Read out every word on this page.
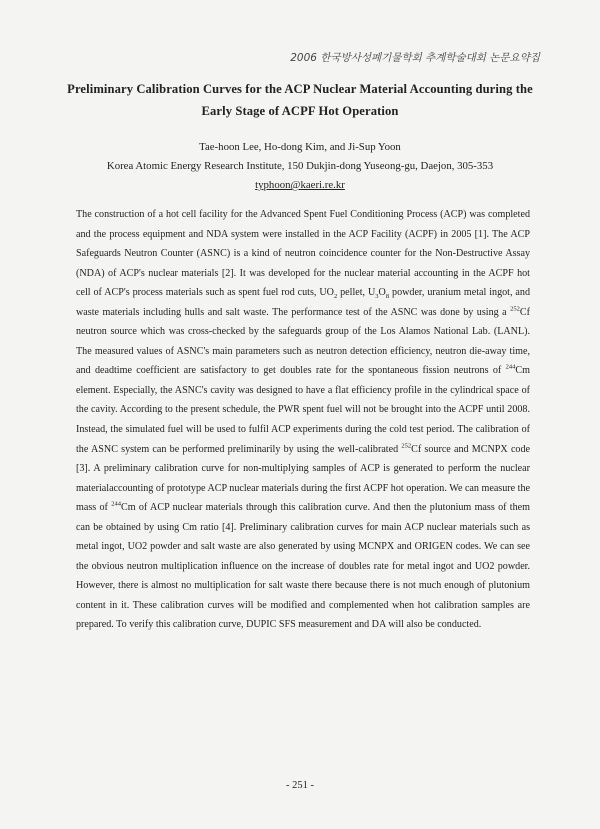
2006 한국방사성폐기물학회 추계학술대회 논문요약집
Preliminary Calibration Curves for the ACP Nuclear Material Accounting during the
Early Stage of ACPF Hot Operation
Tae-hoon Lee, Ho-dong Kim, and Ji-Sup Yoon
Korea Atomic Energy Research Institute, 150 Dukjin-dong Yuseong-gu, Daejon, 305-353
typhoon@kaeri.re.kr
The construction of a hot cell facility for the Advanced Spent Fuel Conditioning Process (ACP) was completed and the process equipment and NDA system were installed in the ACP Facility (ACPF) in 2005 [1]. The ACP Safeguards Neutron Counter (ASNC) is a kind of neutron coincidence counter for the Non-Destructive Assay (NDA) of ACP's nuclear materials [2]. It was developed for the nuclear material accounting in the ACPF hot cell of ACP's process materials such as spent fuel rod cuts, $UO_2$ pellet, $U_3O_8$ powder, uranium metal ingot, and waste materials including hulls and salt waste. The performance test of the ASNC was done by using a $^{252}$Cf neutron source which was cross-checked by the safeguards group of the Los Alamos National Lab. (LANL). The measured values of ASNC's main parameters such as neutron detection efficiency, neutron die-away time, and deadtime coefficient are satisfactory to get doubles rate for the spontaneous fission neutrons of $^{244}$Cm element. Especially, the ASNC's cavity was designed to have a flat efficiency profile in the cylindrical space of the cavity. According to the present schedule, the PWR spent fuel will not be brought into the ACPF until 2008. Instead, the simulated fuel will be used to fulfil ACP experiments during the cold test period. The calibration of the ASNC system can be performed preliminarily by using the well-calibrated $^{252}$Cf source and MCNPX code [3]. A preliminary calibration curve for non-multiplying samples of ACP is generated to perform the nuclear materialaccounting of prototype ACP nuclear materials during the first ACPF hot operation. We can measure the mass of $^{244}$Cm of ACP nuclear materials through this calibration curve. And then the plutonium mass of them can be obtained by using Cm ratio [4]. Preliminary calibration curves for main ACP nuclear materials such as metal ingot, UO2 powder and salt waste are also generated by using MCNPX and ORIGEN codes. We can see the obvious neutron multiplication influence on the increase of doubles rate for metal ingot and UO2 powder. However, there is almost no multiplication for salt waste there because there is not much enough of plutonium content in it. These calibration curves will be modified and complemented when hot calibration samples are prepared. To verify this calibration curve, DUPIC SFS measurement and DA will also be conducted.
- 251 -
